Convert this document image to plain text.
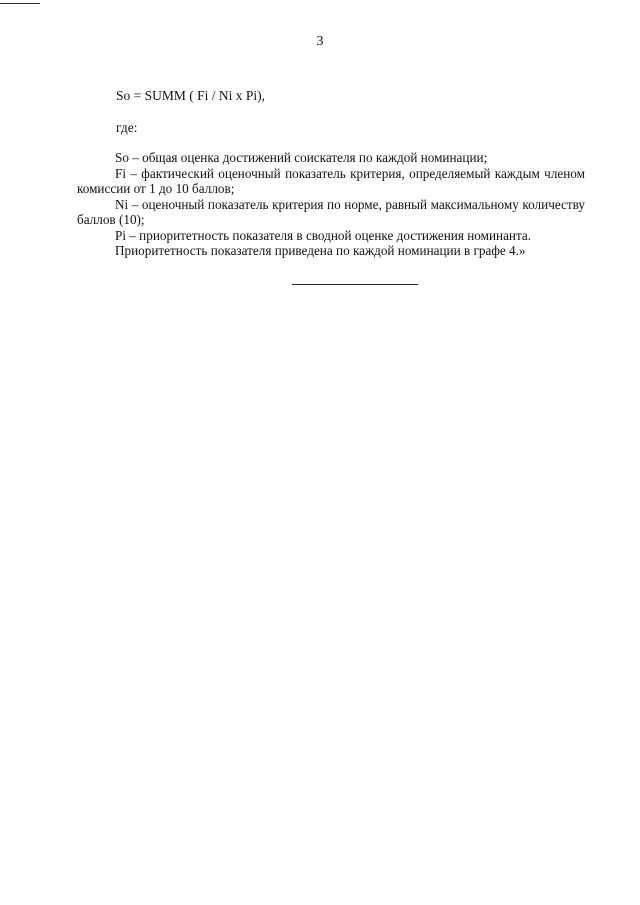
3
So = SUMM ( Fi / Ni x Pi),
где:

So – общая оценка достижений соискателя по каждой номинации;

Fi – фактический оценочный показатель критерия, определяемый каждым членом комиссии от 1 до 10 баллов;

Ni – оценочный показатель критерия по норме, равный максимальному количеству баллов (10);

Pi – приоритетность показателя в сводной оценке достижения номинанта.

Приоритетность показателя приведена по каждой номинации в графе 4.»
